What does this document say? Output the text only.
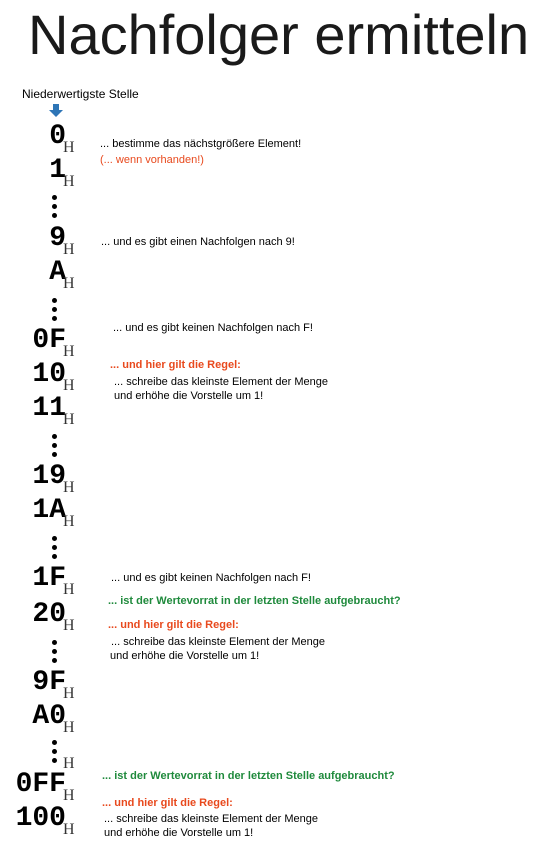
Nachfolger ermitteln
Niederwertigste Stelle
0
H
1
H
9
H
A
H
0F
H
10
H
11
H
19
H
1A
H
1F
H
20
H
9F
H
A0
H
H
0FF
H
100
H
... bestimme das nächstgrößere Element!
(... wenn vorhanden!)
... und es gibt einen Nachfolgen nach 9!
... und es gibt keinen Nachfolgen nach F!
... und hier gilt die Regel:
... schreibe das kleinste Element der Menge
und erhöhe die Vorstelle um 1!
... und es gibt keinen Nachfolgen nach F!
... ist der Wertevorrat in der letzten Stelle aufgebraucht?
... und hier gilt die Regel:
... schreibe das kleinste Element der Menge
und erhöhe die Vorstelle um 1!
... ist der Wertevorrat in der letzten Stelle aufgebraucht?
... und hier gilt die Regel:
... schreibe das kleinste Element der Menge
und erhöhe die Vorstelle um 1!
